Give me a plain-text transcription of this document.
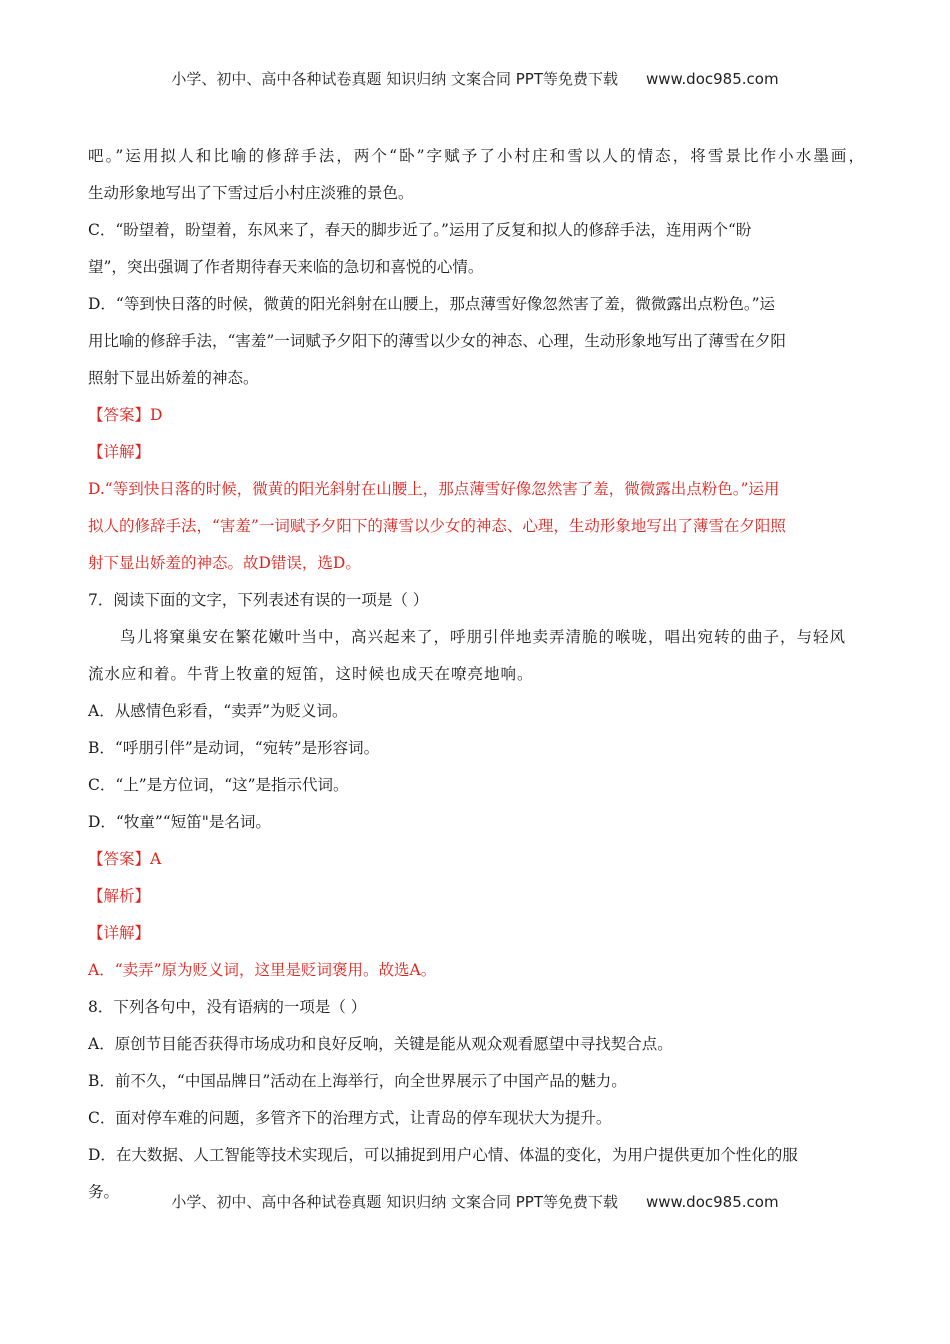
小学、初中、高中各种试卷真题 知识归纳 文案合同 PPT等免费下载 www.doc985.com
吧。”运用拟人和比喻的修辞手法，两个“卧”字赋予了小村庄和雪以人的情态，将雪景比作小水墨画，
生动形象地写出了下雪过后小村庄淡雅的景色。
C．“盼望着，盼望着，东风来了，春天的脚步近了。”运用了反复和拟人的修辞手法，连用两个“盼
望”，突出强调了作者期待春天来临的急切和喜悦的心情。
D．“等到快日落的时候，微黄的阳光斜射在山腰上，那点薄雪好像忽然害了羞，微微露出点粉色。”运
用比喻的修辞手法，“害羞”一词赋予夕阳下的薄雪以少女的神态、心理，生动形象地写出了薄雪在夕阳
照射下显出娇羞的神态。
【答案】D
【详解】
D.“等到快日落的时候，微黄的阳光斜射在山腰上，那点薄雪好像忽然害了羞，微微露出点粉色。”运用
拟人的修辞手法，“害羞”一词赋予夕阳下的薄雪以少女的神态、心理，生动形象地写出了薄雪在夕阳照
射下显出娇羞的神态。故D错误，选D。
7．阅读下面的文字，下列表述有误的一项是（ ）
鸟儿将窠巢安在繁花嫩叶当中，高兴起来了，呼朋引伴地卖弄清脆的喉咙，唱出宛转的曲子，与轻风
流水应和着。牛背上牧童的短笛，这时候也成天在嘹亮地响。
A．从感情色彩看，“卖弄”为贬义词。
B．“呼朋引伴”是动词，“宛转”是形容词。
C．“上”是方位词，“这”是指示代词。
D．“牧童”“短笛"是名词。
【答案】A
【解析】
【详解】
A．“卖弄”原为贬义词，这里是贬词褒用。故选A。
8．下列各句中，没有语病的一项是（ ）
A．原创节目能否获得市场成功和良好反响，关键是能从观众观看愿望中寻找契合点。
B．前不久，“中国品牌日”活动在上海举行，向全世界展示了中国产品的魅力。
C．面对停车难的问题，多管齐下的治理方式，让青岛的停车现状大为提升。
D．在大数据、人工智能等技术实现后，可以捕捉到用户心情、体温的变化，为用户提供更加个性化的服
务。
小学、初中、高中各种试卷真题 知识归纳 文案合同 PPT等免费下载 www.doc985.com
